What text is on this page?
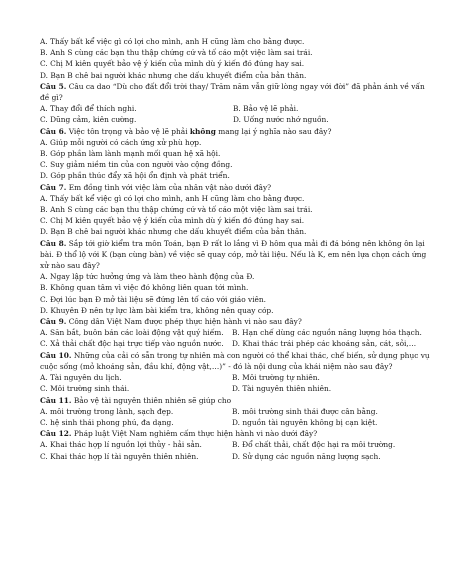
A. Thấy bất kể việc gì có lợi cho mình, anh H cũng làm cho bằng được.
B. Anh S cùng các bạn thu thập chứng cứ và tố cáo một việc làm sai trái.
C. Chị M kiên quyết bảo vệ ý kiến của mình dù ý kiến đó đúng hay sai.
D. Bạn B chê bai người khác nhưng che dấu khuyết điểm của bản thân.
Câu 5. Câu ca dao “Dù cho đất đổi trời thay/ Trăm năm vẫn giữ lòng ngay với đời” đã phản ánh về vấn đề gì?
A. Thay đổi để thích nghi.	B. Bảo vệ lẽ phải.
C. Dũng cảm, kiên cường.	D. Uống nước nhớ nguồn.
Câu 6. Việc tôn trọng và bảo vệ lẽ phải không mang lại ý nghĩa nào sau đây?
A. Giúp mỗi người có cách ứng xử phù hợp.
B. Góp phần làm lành mạnh mối quan hệ xã hội.
C. Suy giảm niềm tin của con người vào cộng đồng.
D. Góp phần thúc đẩy xã hội ổn định và phát triển.
Câu 7. Em đồng tình với việc làm của nhân vật nào dưới đây?
A. Thấy bất kể việc gì có lợi cho mình, anh H cũng làm cho bằng được.
B. Anh S cùng các bạn thu thập chứng cứ và tố cáo một việc làm sai trái.
C. Chị M kiên quyết bảo vệ ý kiến của mình dù ý kiến đó đúng hay sai.
D. Bạn B chê bai người khác nhưng che dấu khuyết điểm của bản thân.
Câu 8. Sắp tới giờ kiểm tra môn Toán, bạn Đ rất lo lắng vì Đ hôm qua mải đi đá bóng nên không ôn lại bài. Đ thổ lộ với K (bạn cùng bàn) về việc sẽ quay cóp, mở tài liệu. Nếu là K, em nên lựa chọn cách ứng xử nào sau đây?
A. Ngay lập tức hưởng ứng và làm theo hành động của Đ.
B. Không quan tâm vì việc đó không liên quan tới mình.
C. Đợi lúc bạn Đ mở tài liệu sẽ đứng lên tố cáo với giáo viên.
D. Khuyên Đ nên tự lực làm bài kiểm tra, không nên quay cóp.
Câu 9. Công dân Việt Nam được phép thực hiện hành vi nào sau đây?
A. Săn bắt, buôn bán các loài động vật quý hiếm.	B. Hạn chế dùng các nguồn năng lượng hóa thạch.
C. Xả thải chất độc hại trực tiếp vào nguồn nước.	D. Khai thác trái phép các khoáng sản, cát, sỏi,…
Câu 10. Những của cải có sẵn trong tự nhiên mà con người có thể khai thác, chế biến, sử dụng phục vụ cuộc sống (mỏ khoáng sản, đầu khí, động vật,…)” - đó là nội dung của khái niệm nào sau đây?
A. Tài nguyên du lịch.	B. Môi trường tự nhiên.
C. Môi trường sinh thái.	D. Tài nguyên thiên nhiên.
Câu 11. Bảo vệ tài nguyên thiên nhiên sẽ giúp cho
A. môi trường trong lành, sạch đẹp.	B. môi trường sinh thái được cân bằng.
C. hệ sinh thái phong phú, đa dạng.	D. nguồn tài nguyên không bị cạn kiệt.
Câu 12. Pháp luật Việt Nam nghiêm cấm thực hiện hành vi nào dưới đây?
A. Khai thác hợp lí nguồn lợi thủy - hải sản.	B. Đổ chất thải, chất độc hại ra môi trường.
C. Khai thác hợp lí tài nguyên thiên nhiên.	D. Sử dụng các nguồn năng lượng sạch.
